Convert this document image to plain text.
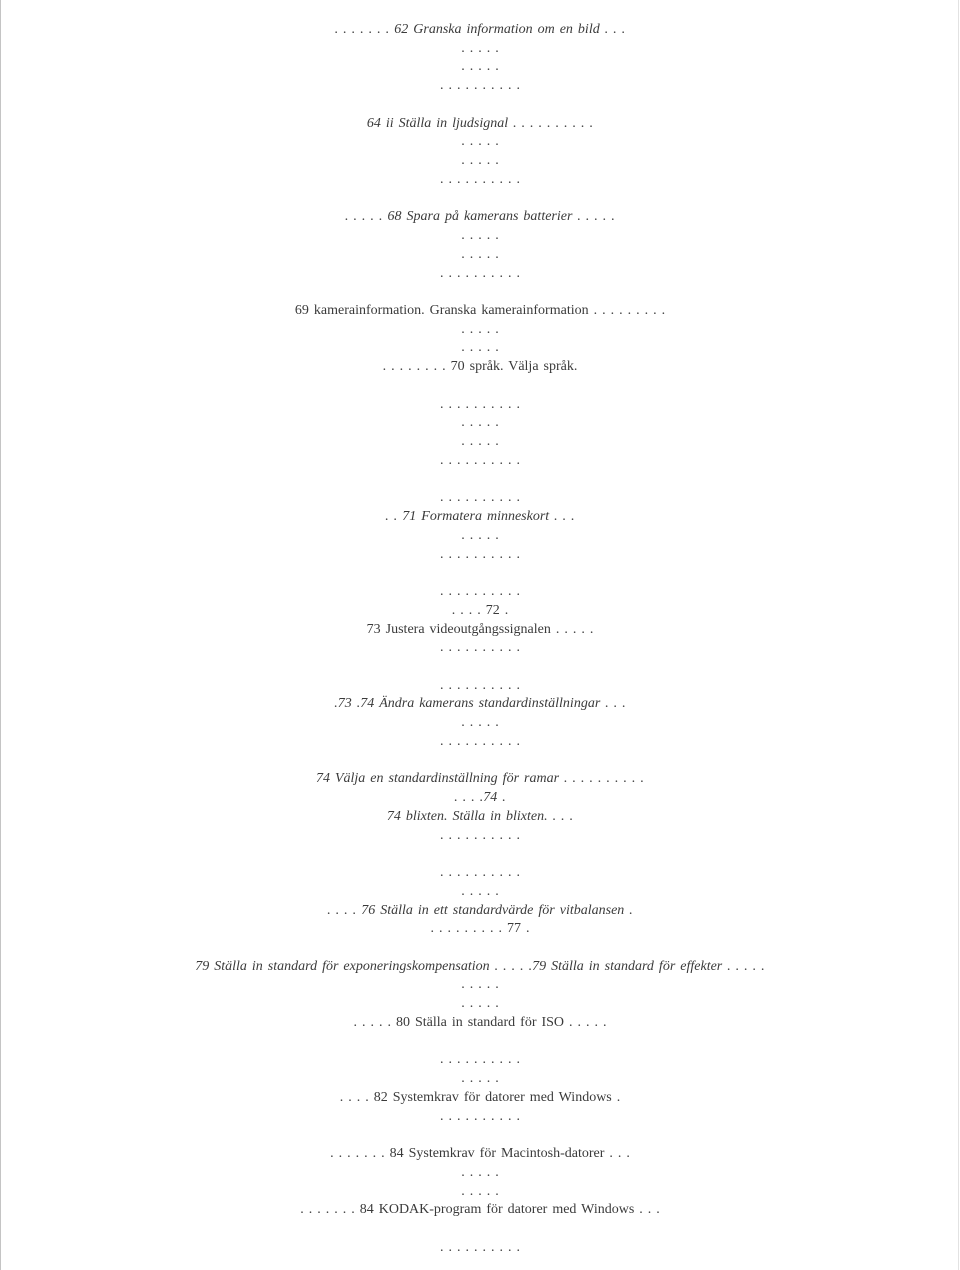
. . . . . . . 62 Granska information om en bild . . .
. . . . .
. . . . .
. . . . . . . . . .
64 ii Ställa in ljudsignal . . . . . . . . . .
. . . . .
. . . . .
. . . . . . . . . .
. . . . . 68 Spara på kamerans batterier . . . . .
. . . . .
. . . . .
. . . . . . . . . .
69 kamerainformation. Granska kamerainformation . . . . . . . . .
. . . . .
. . . . .
. . . . . . . . 70 språk. Välja språk.
. . . . . . . . . .
. . . . .
. . . . .
. . . . . . . . . .
. . . . . . . . . .
. . 71 Formatera minneskort . . .
. . . . .
. . . . . . . . . .
. . . . . . . . . .
. . . . 72 .
73 Justera videoutgångssignalen . . . . .
. . . . . . . . . .
. . . . . . . . . .
.73 .74 Ändra kamerans standardinställningar . . .
. . . . .
. . . . . . . . . .
74 Välja en standardinställning för ramar . . . . . . . . . .
. . . .74 .
74 blixten. Ställa in blixten. . . .
. . . . . . . . . .
. . . . . . . . . .
. . . . .
. . . . 76 Ställa in ett standardvärde för vitbalansen .
. . . . . . . . . 77 .
79 Ställa in standard för exponeringskompensation . . . . .79 Ställa in standard för effekter . . . . .
. . . . .
. . . . .
. . . . . 80 Ställa in standard för ISO . . . . .
. . . . . . . . . .
. . . . .
. . . . 82 Systemkrav för datorer med Windows .
. . . . . . . . . .
. . . . . . . 84 Systemkrav för Macintosh-datorer . . .
. . . . .
. . . . .
. . . . . . . 84 KODAK-program för datorer med Windows . . .
. . . . . . . . . .
